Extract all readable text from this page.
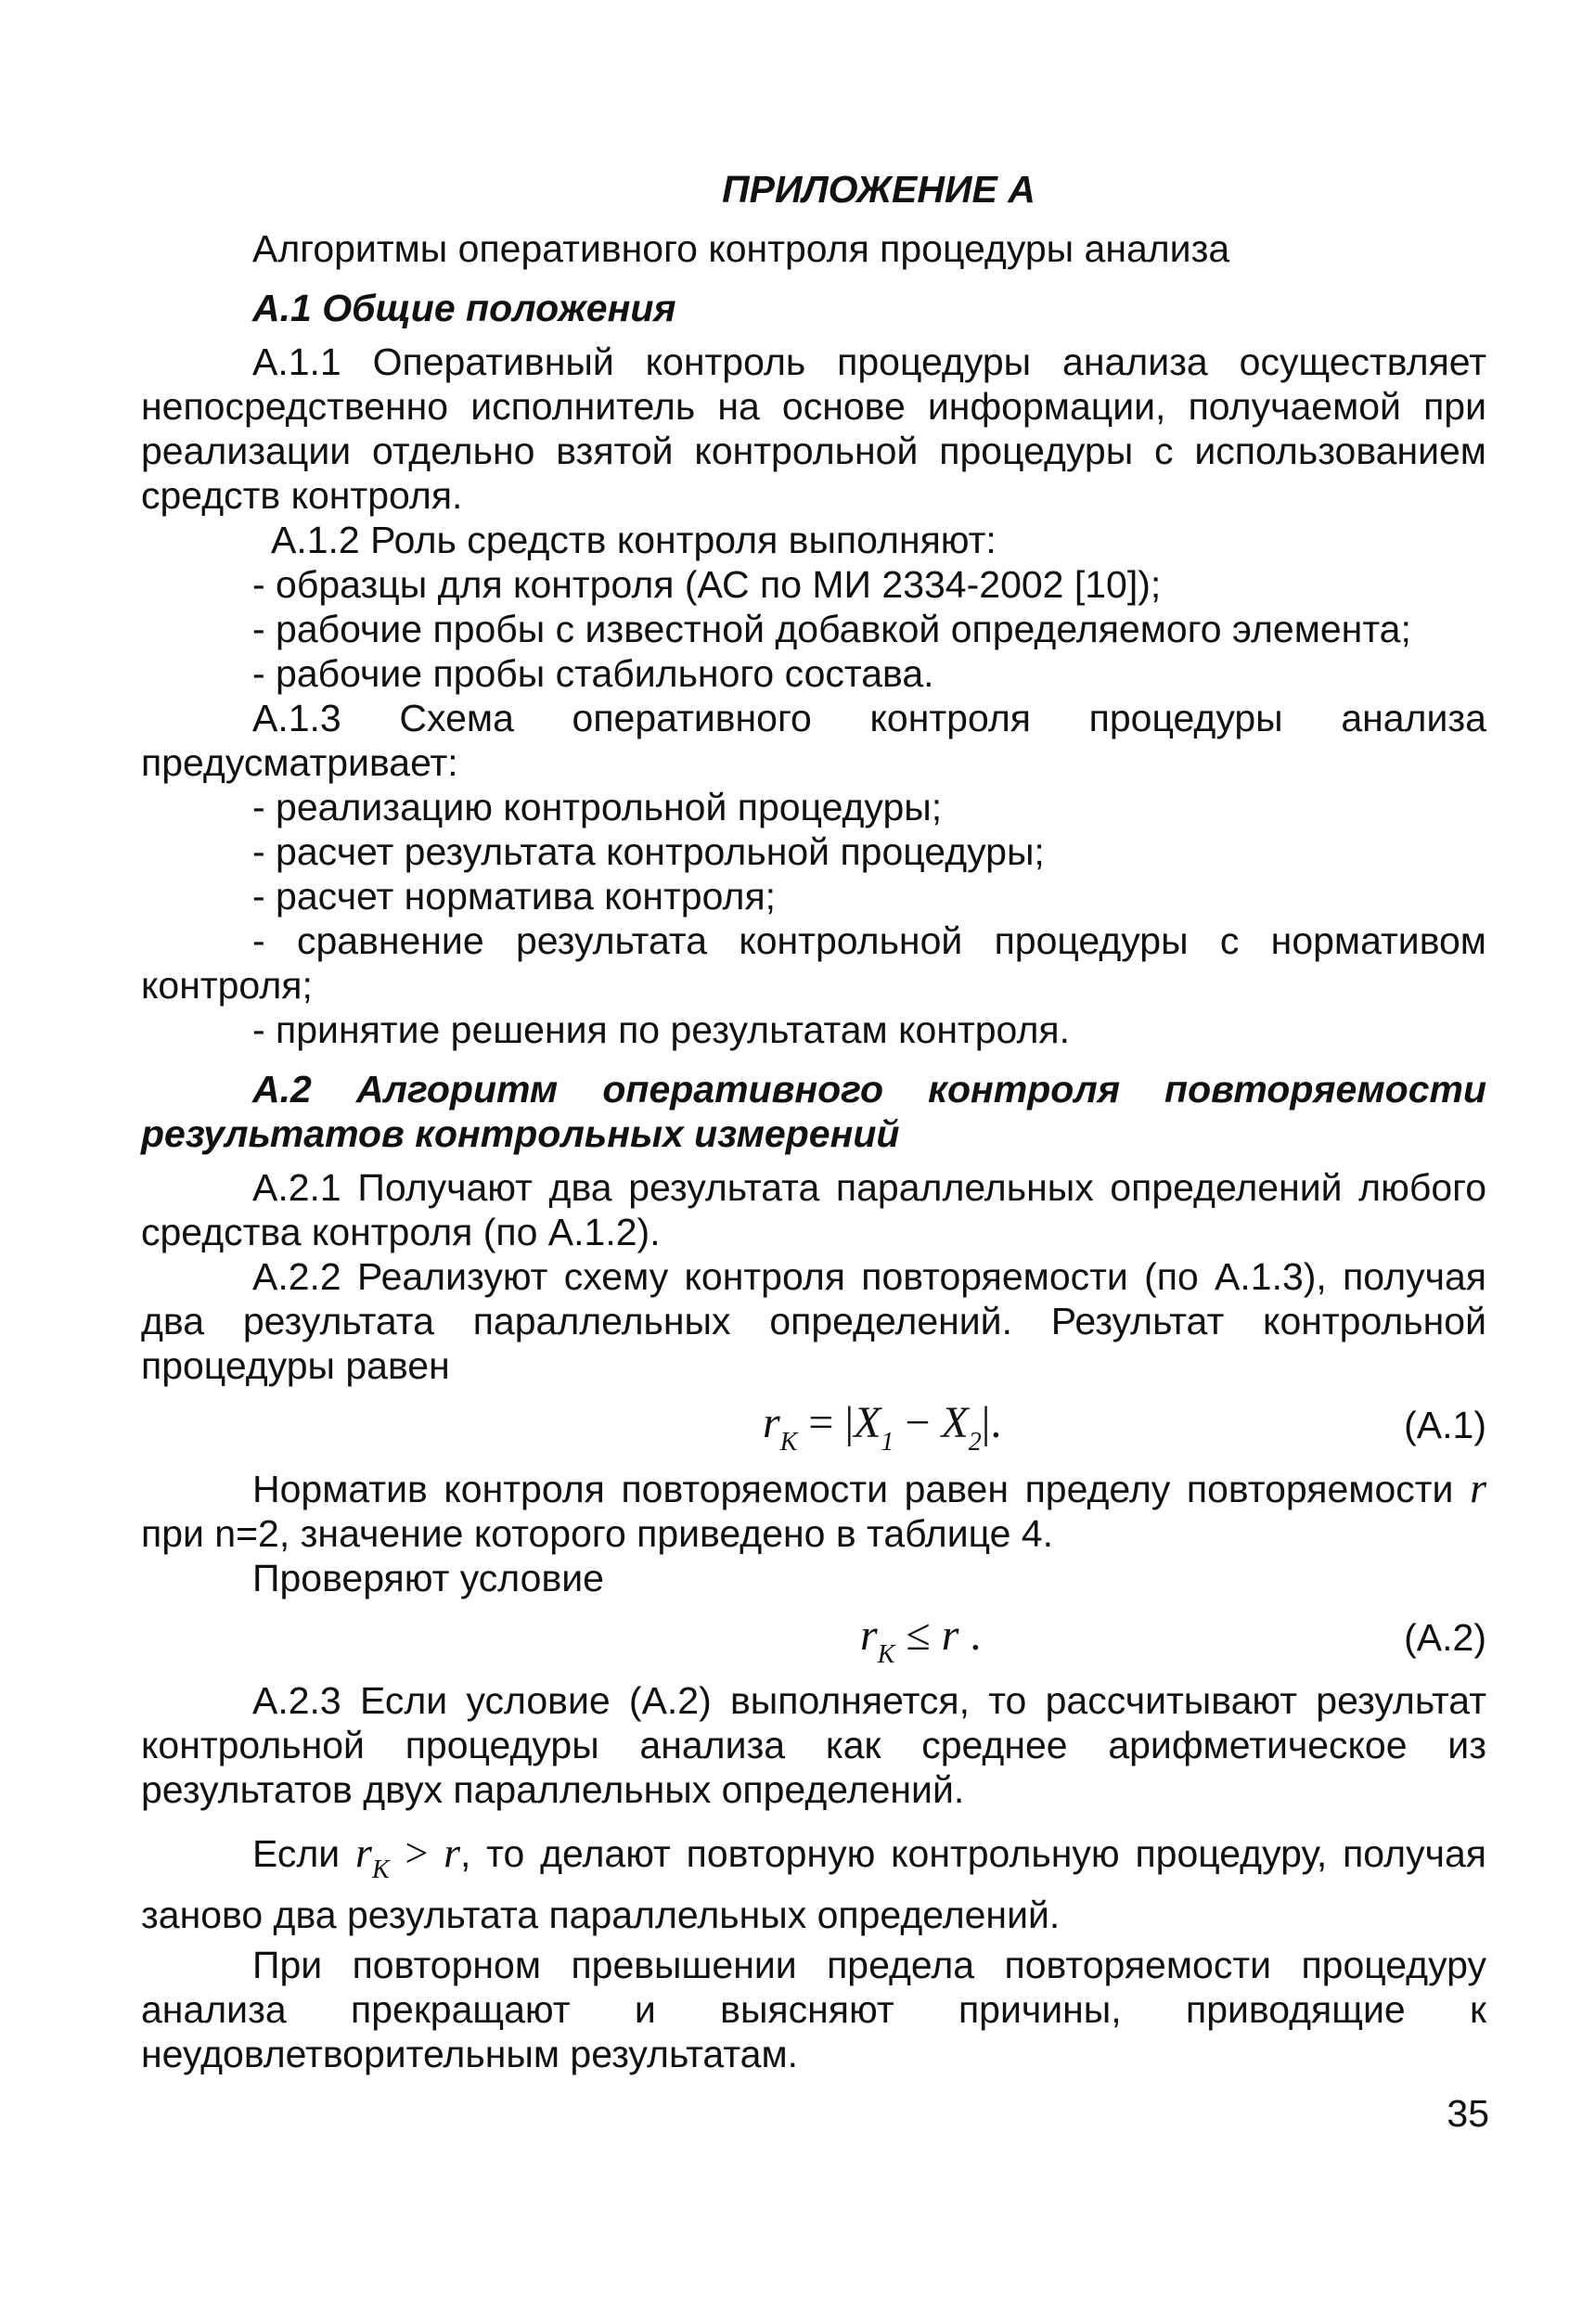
ПРИЛОЖЕНИЕ А
Алгоритмы оперативного контроля процедуры анализа
А.1 Общие положения

А.1.1 Оперативный контроль процедуры анализа осуществляет непосредственно исполнитель на основе информации, получаемой при реализации отдельно взятой контрольной процедуры с использованием средств контроля.

А.1.2 Роль средств контроля выполняют:

- образцы для контроля (АС по МИ 2334-2002 [10]);

- рабочие пробы с известной добавкой определяемого элемента;

- рабочие пробы стабильного состава.

А.1.3 Схема оперативного контроля процедуры анализа предусматривает:

- реализацию контрольной процедуры;

- расчет результата контрольной процедуры;

- расчет норматива контроля;

- сравнение результата контрольной процедуры с нормативом контроля;

- принятие решения по результатам контроля.

А.2 Алгоритм оперативного контроля повторяемости результатов контрольных измерений

А.2.1 Получают два результата параллельных определений любого средства контроля (по А.1.2).

А.2.2 Реализуют схему контроля повторяемости (по А.1.3), получая два результата параллельных определений. Результат контрольной процедуры равен

$r_K = |X_1 - X_2|$.	(А.1)

Норматив контроля повторяемости равен пределу повторяемости r при n=2, значение которого приведено в таблице 4.

Проверяют условие

$r_K \le r$ .	(А.2)

А.2.3 Если условие (А.2) выполняется, то рассчитывают результат контрольной процедуры анализа как среднее арифметическое из результатов двух параллельных определений.

Если $r_K > r$, то делают повторную контрольную процедуру, получая заново два результата параллельных определений.

При повторном превышении предела повторяемости процедуру анализа прекращают и выясняют причины, приводящие к неудовлетворительным результатам.

35
